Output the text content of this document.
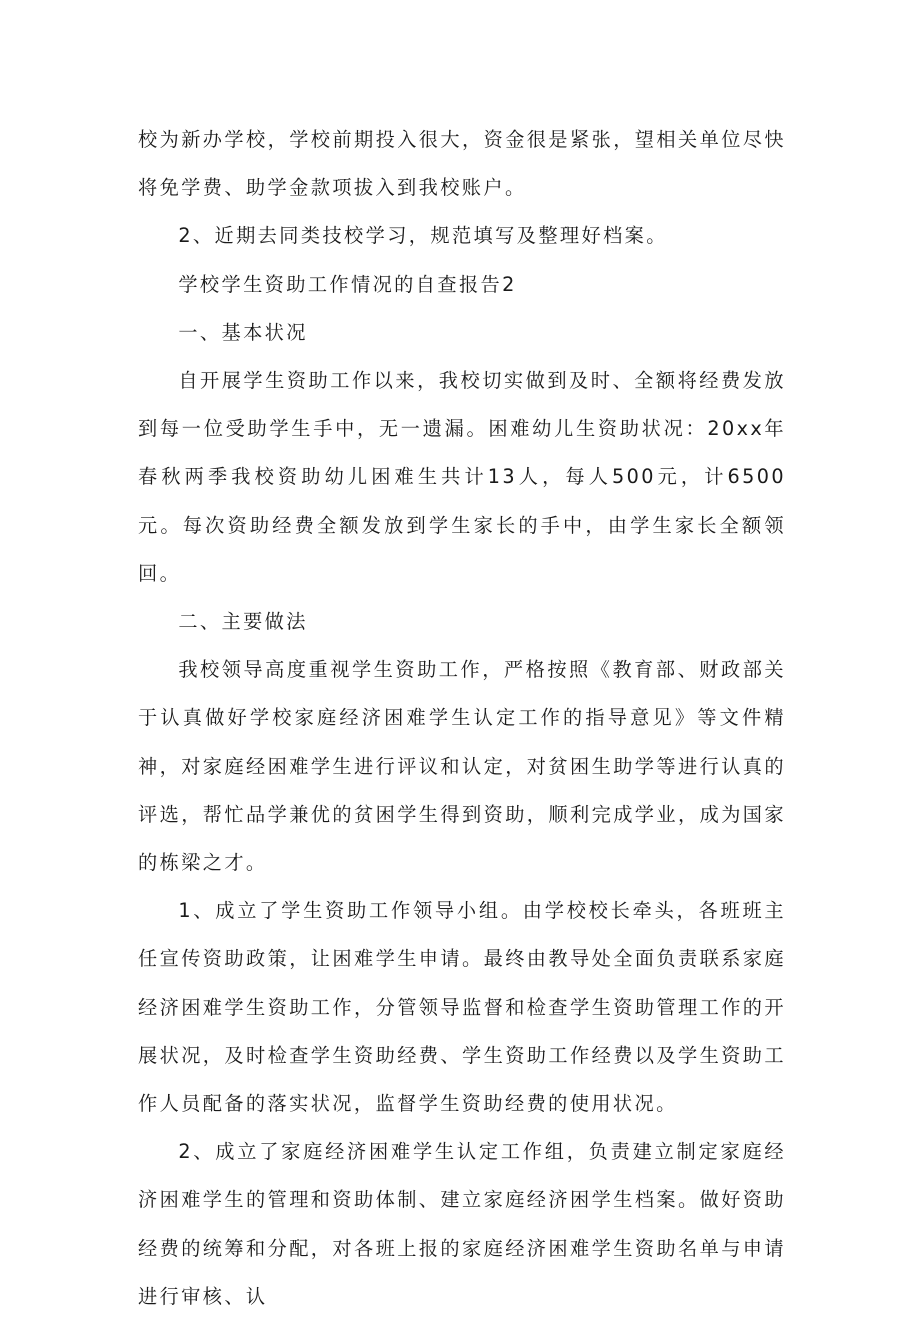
校为新办学校，学校前期投入很大，资金很是紧张，望相关单位尽快将免学费、助学金款项拔入到我校账户。

2、近期去同类技校学习，规范填写及整理好档案。

学校学生资助工作情况的自查报告2

一、基本状况

自开展学生资助工作以来，我校切实做到及时、全额将经费发放到每一位受助学生手中，无一遗漏。困难幼儿生资助状况：20xx年春秋两季我校资助幼儿困难生共计13人，每人500元，计6500元。每次资助经费全额发放到学生家长的手中，由学生家长全额领回。

二、主要做法

我校领导高度重视学生资助工作，严格按照《教育部、财政部关于认真做好学校家庭经济困难学生认定工作的指导意见》等文件精神，对家庭经困难学生进行评议和认定，对贫困生助学等进行认真的评选，帮忙品学兼优的贫困学生得到资助，顺利完成学业，成为国家的栋梁之才。

1、成立了学生资助工作领导小组。由学校校长牵头，各班班主任宣传资助政策，让困难学生申请。最终由教导处全面负责联系家庭经济困难学生资助工作，分管领导监督和检查学生资助管理工作的开展状况，及时检查学生资助经费、学生资助工作经费以及学生资助工作人员配备的落实状况，监督学生资助经费的使用状况。

2、成立了家庭经济困难学生认定工作组，负责建立制定家庭经济困难学生的管理和资助体制、建立家庭经济困学生档案。做好资助经费的统筹和分配，对各班上报的家庭经济困难学生资助名单与申请进行审核、认
